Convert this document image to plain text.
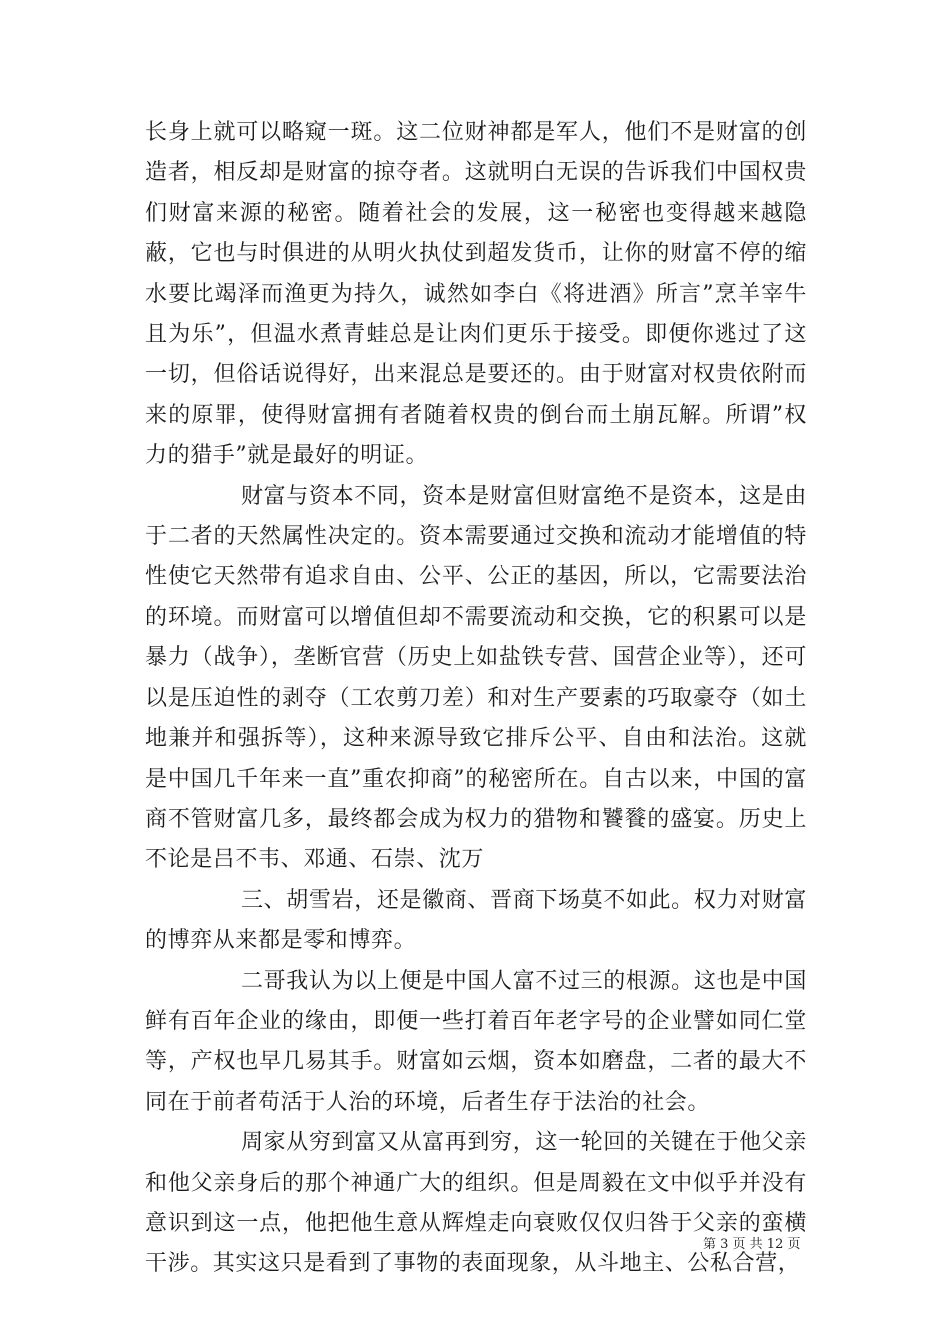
长身上就可以略窥一斑。这二位财神都是军人，他们不是财富的创造者，相反却是财富的掠夺者。这就明白无误的告诉我们中国权贵们财富来源的秘密。随着社会的发展，这一秘密也变得越来越隐蔽，它也与时俱进的从明火执仗到超发货币，让你的财富不停的缩水要比竭泽而渔更为持久，诚然如李白《将进酒》所言”烹羊宰牛且为乐”，但温水煮青蛙总是让肉们更乐于接受。即便你逃过了这一切，但俗话说得好，出来混总是要还的。由于财富对权贵依附而来的原罪，使得财富拥有者随着权贵的倒台而土崩瓦解。所谓”权力的猎手”就是最好的明证。

财富与资本不同，资本是财富但财富绝不是资本，这是由于二者的天然属性决定的。资本需要通过交换和流动才能增值的特性使它天然带有追求自由、公平、公正的基因，所以，它需要法治的环境。而财富可以增值但却不需要流动和交换，它的积累可以是暴力（战争），垄断官营（历史上如盐铁专营、国营企业等），还可以是压迫性的剥夺（工农剪刀差）和对生产要素的巧取豪夺（如土地兼并和强拆等），这种来源导致它排斥公平、自由和法治。这就是中国几千年来一直”重农抑商”的秘密所在。自古以来，中国的富商不管财富几多，最终都会成为权力的猎物和饕餮的盛宴。历史上不论是吕不韦、邓通、石崇、沈万

三、胡雪岩，还是徽商、晋商下场莫不如此。权力对财富的博弈从来都是零和博弈。

二哥我认为以上便是中国人富不过三的根源。这也是中国鲜有百年企业的缘由，即便一些打着百年老字号的企业譬如同仁堂等，产权也早几易其手。财富如云烟，资本如磨盘，二者的最大不同在于前者苟活于人治的环境，后者生存于法治的社会。

周家从穷到富又从富再到穷，这一轮回的关键在于他父亲和他父亲身后的那个神通广大的组织。但是周毅在文中似乎并没有意识到这一点，他把他生意从辉煌走向衰败仅仅归咎于父亲的蛮横干涉。其实这只是看到了事物的表面现象，从斗地主、公私合营，

第 3 页 共 12 页
